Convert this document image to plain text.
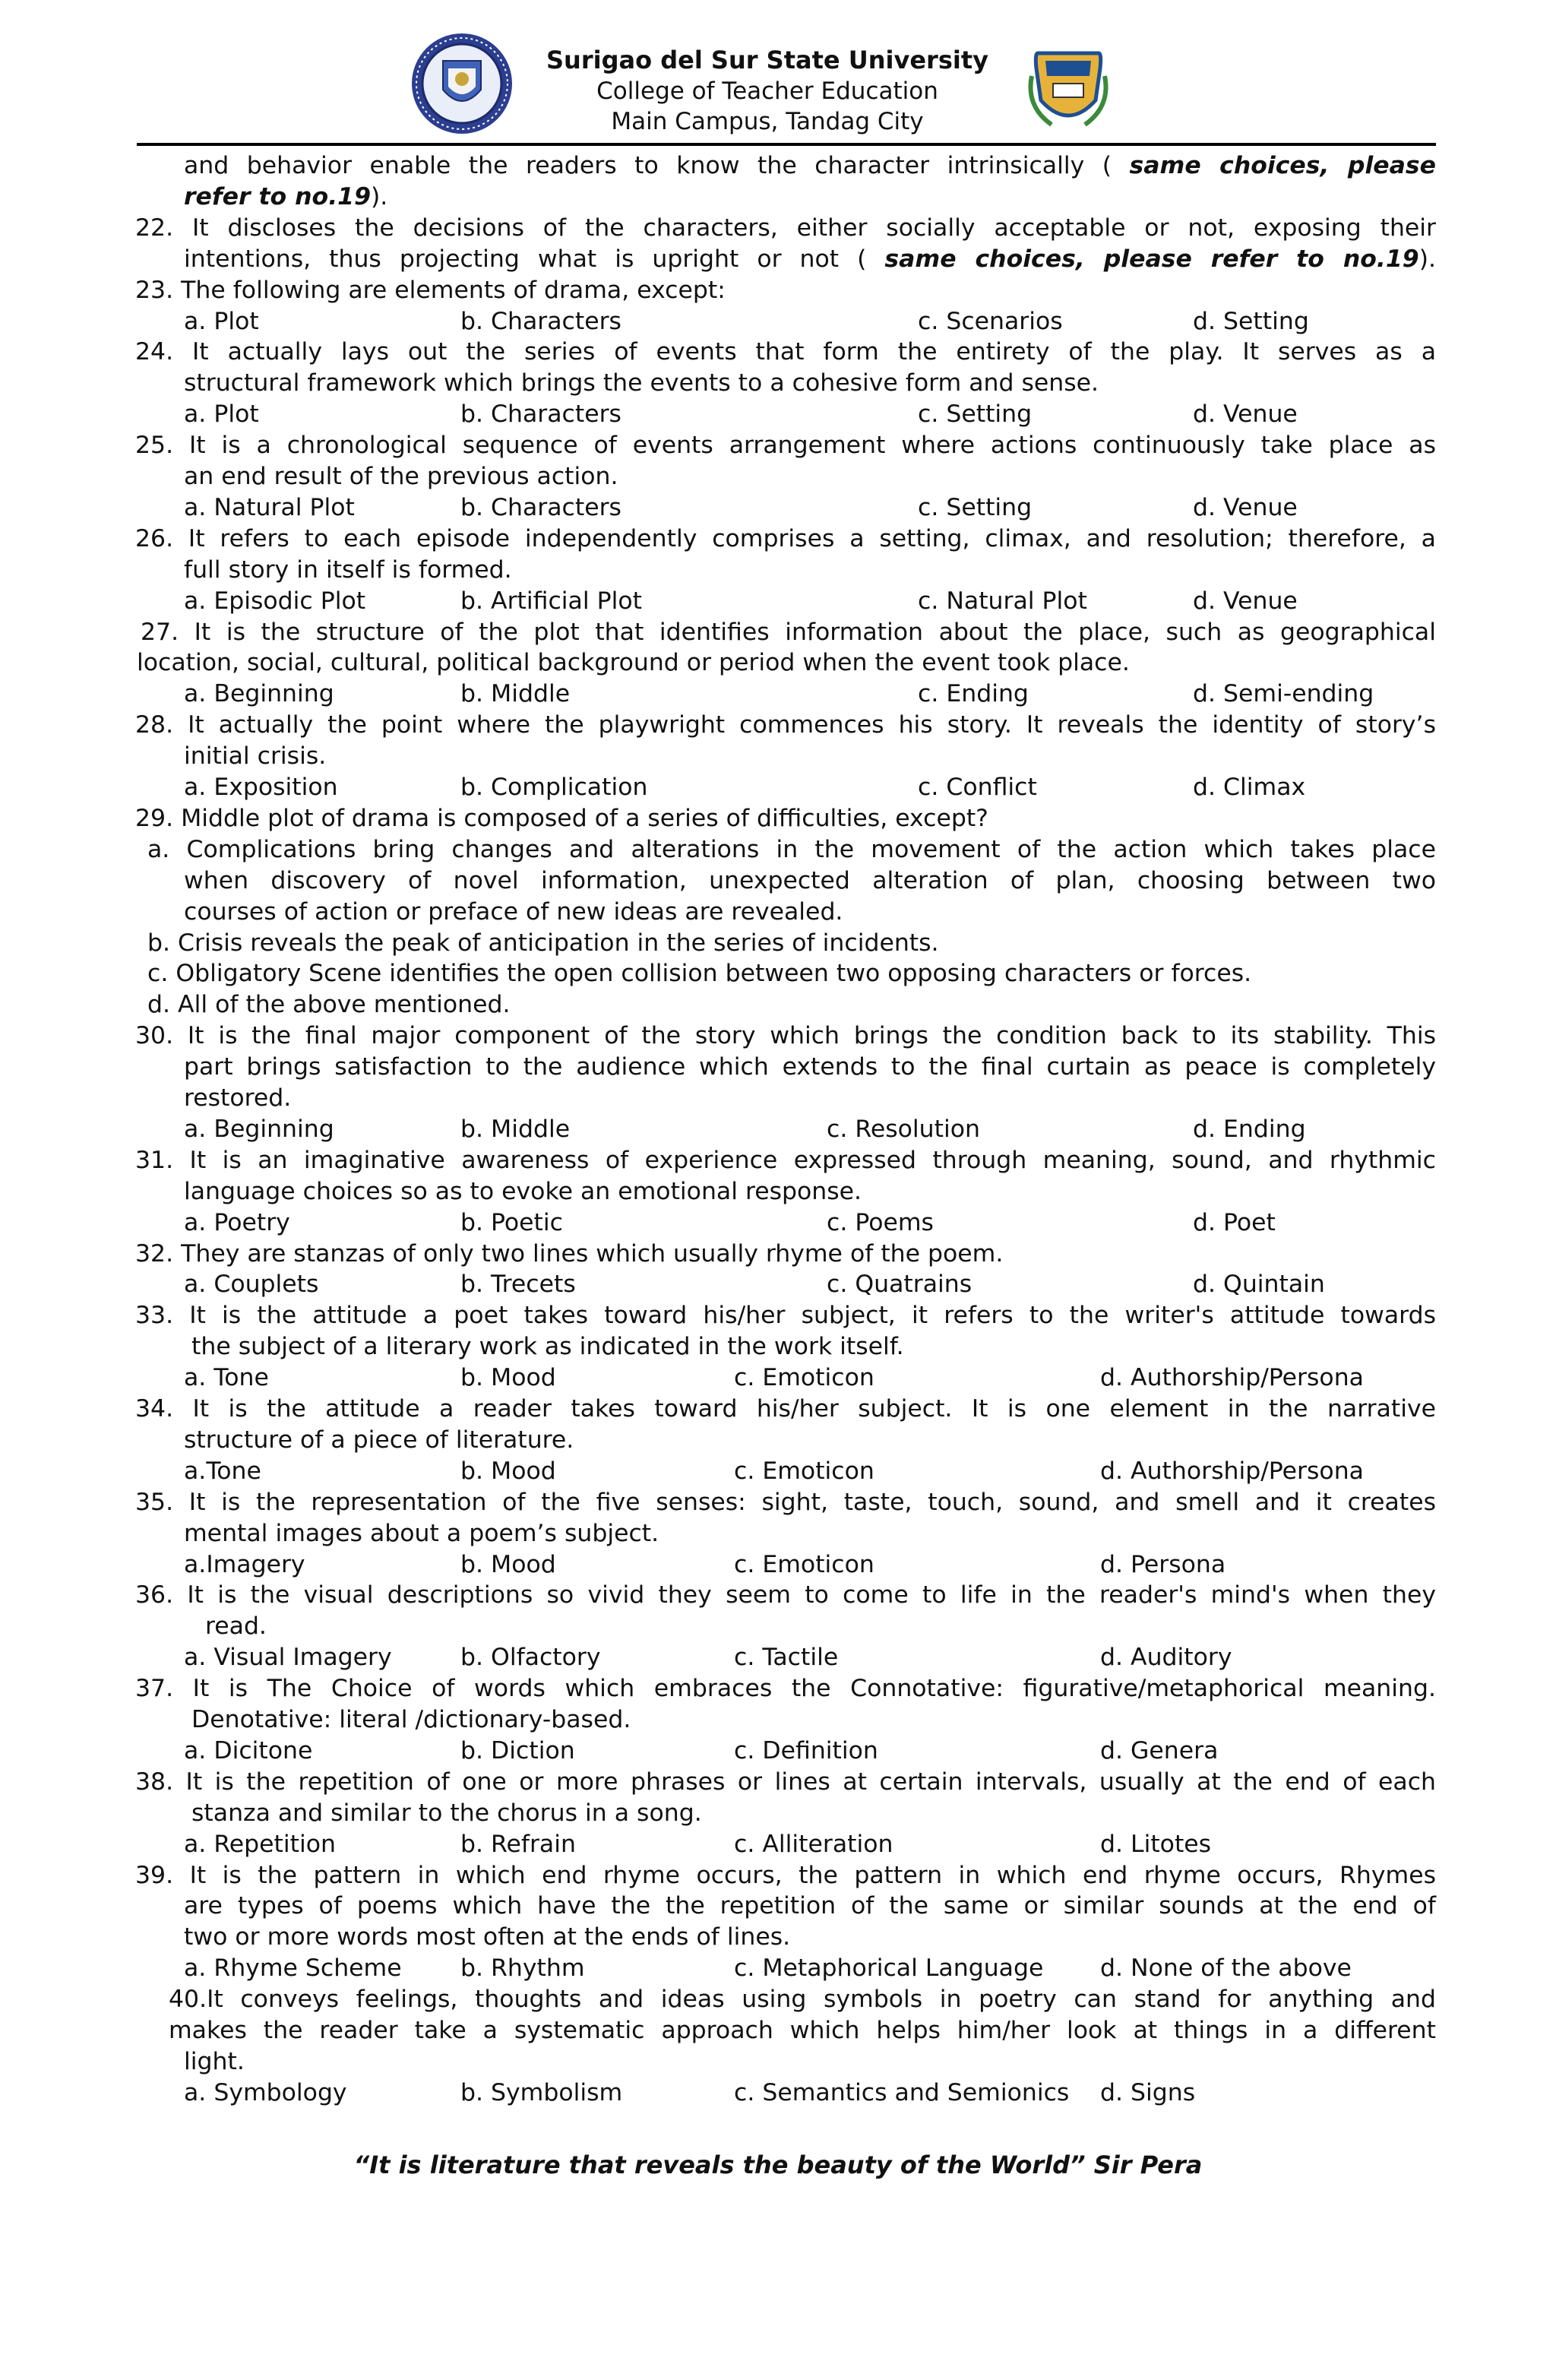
Surigao del Sur State University
College of Teacher Education
Main Campus, Tandag City
and behavior enable the readers to know the character intrinsically ( same choices, please
refer to no.19).
22. It discloses the decisions of the characters, either socially acceptable or not, exposing their
intentions, thus projecting what is upright or not ( same choices, please refer to no.19).
23. The following are elements of drama, except:
a. Plot	b. Characters	c. Scenarios	d. Setting
24. It actually lays out the series of events that form the entirety of the play. It serves as a
structural framework which brings the events to a cohesive form and sense.
a. Plot	b. Characters	c. Setting	d. Venue
25. It is a chronological sequence of events arrangement where actions continuously take place as
an end result of the previous action.
a. Natural Plot	b. Characters	c. Setting	d. Venue
26. It refers to each episode independently comprises a setting, climax, and resolution; therefore, a
full story in itself is formed.
a. Episodic Plot	b. Artificial Plot	c. Natural Plot	d. Venue
27. It is the structure of the plot that identifies information about the place, such as geographical
location, social, cultural, political background or period when the event took place.
a. Beginning	b. Middle	c. Ending	d. Semi-ending
28. It actually the point where the playwright commences his story. It reveals the identity of story’s
initial crisis.
a. Exposition	b. Complication	c. Conflict	d. Climax
29. Middle plot of drama is composed of a series of difficulties, except?
a. Complications bring changes and alterations in the movement of the action which takes place
when discovery of novel information, unexpected alteration of plan, choosing between two
courses of action or preface of new ideas are revealed.
b. Crisis reveals the peak of anticipation in the series of incidents.
c. Obligatory Scene identifies the open collision between two opposing characters or forces.
d. All of the above mentioned.
30. It is the final major component of the story which brings the condition back to its stability. This
part brings satisfaction to the audience which extends to the final curtain as peace is completely
restored.
a. Beginning	b. Middle	c. Resolution	d. Ending
31. It is an imaginative awareness of experience expressed through meaning, sound, and rhythmic
language choices so as to evoke an emotional response.
a. Poetry	b. Poetic	c. Poems	d. Poet
32. They are stanzas of only two lines which usually rhyme of the poem.
a. Couplets	b. Trecets	c. Quatrains	d. Quintain
33. It is the attitude a poet takes toward his/her subject, it refers to the writer's attitude towards
the subject of a literary work as indicated in the work itself.
a. Tone	b. Mood	c. Emoticon	d. Authorship/Persona
34. It is the attitude a reader takes toward his/her subject. It is one element in the narrative
structure of a piece of literature.
a.Tone	b. Mood	c. Emoticon	d. Authorship/Persona
35. It is the representation of the five senses: sight, taste, touch, sound, and smell and it creates
mental images about a poem’s subject.
a.Imagery	b. Mood	c. Emoticon	d. Persona
36. It is the visual descriptions so vivid they seem to come to life in the reader's mind's when they
read.
a. Visual Imagery	b. Olfactory	c. Tactile	d. Auditory
37. It is The Choice of words which embraces the Connotative: figurative/metaphorical meaning.
Denotative: literal /dictionary-based.
a. Dicitone	b. Diction	c. Definition	d. Genera
38. It is the repetition of one or more phrases or lines at certain intervals, usually at the end of each
stanza and similar to the chorus in a song.
a. Repetition	b. Refrain	c. Alliteration	d. Litotes
39. It is the pattern in which end rhyme occurs, the pattern in which end rhyme occurs, Rhymes
are types of poems which have the the repetition of the same or similar sounds at the end of
two or more words most often at the ends of lines.
a. Rhyme Scheme b. Rhythm	c. Metaphorical Language d. None of the above
40.It conveys feelings, thoughts and ideas using symbols in poetry can stand for anything and
makes the reader take a systematic approach which helps him/her look at things in a different
light.
a. Symbology	b. Symbolism	c. Semantics and Semionics d. Signs
“It is literature that reveals the beauty of the World” Sir Pera
